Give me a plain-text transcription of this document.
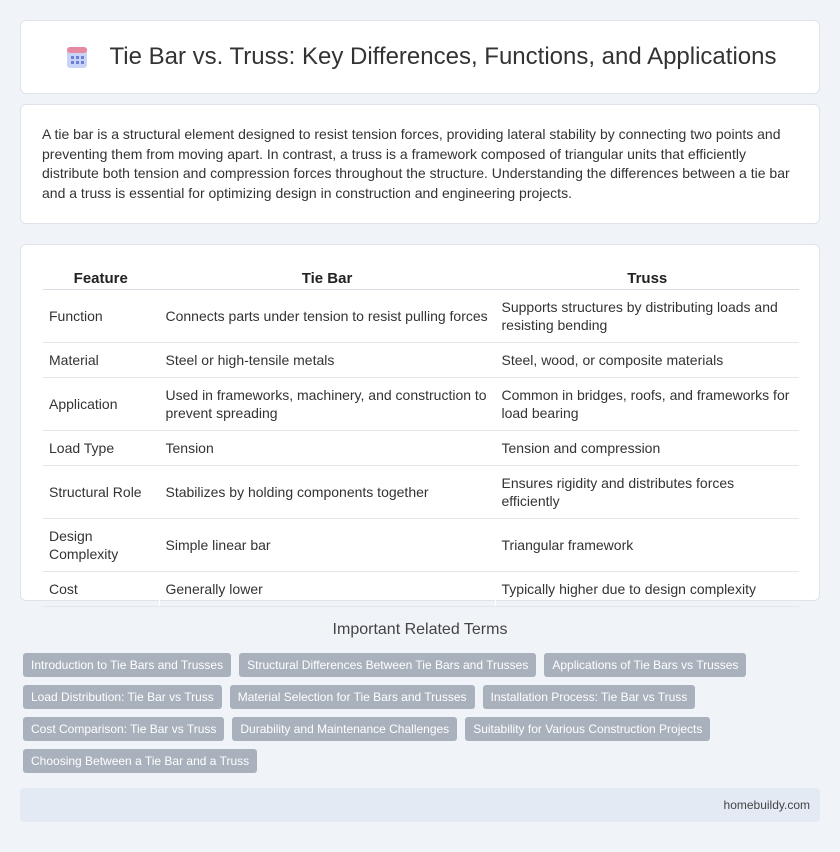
Tie Bar vs. Truss: Key Differences, Functions, and Applications

A tie bar is a structural element designed to resist tension forces, providing lateral stability by connecting two points and preventing them from moving apart. In contrast, a truss is a framework composed of triangular units that efficiently distribute both tension and compression forces throughout the structure. Understanding the differences between a tie bar and a truss is essential for optimizing design in construction and engineering projects.

Feature	Tie Bar	Truss
Function	Connects parts under tension to resist pulling forces	Supports structures by distributing loads and resisting bending
Material	Steel or high-tensile metals	Steel, wood, or composite materials
Application	Used in frameworks, machinery, and construction to prevent spreading	Common in bridges, roofs, and frameworks for load bearing
Load Type	Tension	Tension and compression
Structural Role	Stabilizes by holding components together	Ensures rigidity and distributes forces efficiently
Design Complexity	Simple linear bar	Triangular framework
Cost	Generally lower	Typically higher due to design complexity
Important Related Terms
Introduction to Tie Bars and Trusses	Structural Differences Between Tie Bars and Trusses	Applications of Tie Bars vs Trusses
Load Distribution: Tie Bar vs Truss	Material Selection for Tie Bars and Trusses	Installation Process: Tie Bar vs Truss
Cost Comparison: Tie Bar vs Truss	Durability and Maintenance Challenges	Suitability for Various Construction Projects
Choosing Between a Tie Bar and a Truss
homebuildy.com
